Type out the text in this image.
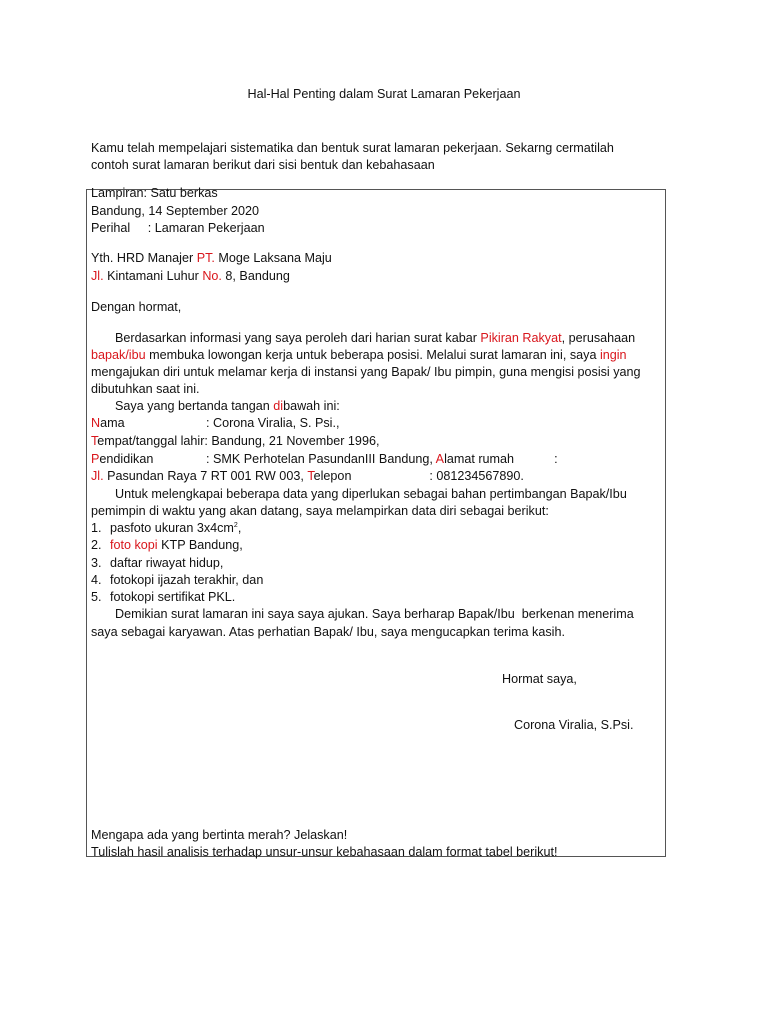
Hal-Hal Penting dalam Surat Lamaran Pekerjaan
Kamu telah mempelajari sistematika dan bentuk surat lamaran pekerjaan. Sekarng cermatilah
contoh surat lamaran berikut dari sisi bentuk dan kebahasaan
Lampiran: Satu berkas
Bandung, 14 September 2020
Perihal     : Lamaran Pekerjaan
Yth. HRD Manajer PT. Moge Laksana Maju
Jl. Kintamani Luhur No. 8, Bandung
Dengan hormat,
Berdasarkan informasi yang saya peroleh dari harian surat kabar Pikiran Rakyat, perusahaan
bapak/ibu membuka lowongan kerja untuk beberapa posisi. Melalui surat lamaran ini, saya ingin
mengajukan diri untuk melamar kerja di instansi yang Bapak/ Ibu pimpin, guna mengisi posisi yang
dibutuhkan saat ini.
Saya yang bertanda tangan dibawah ini:
Nama	: Corona Viralia, S. Psi.,
Tempat/tanggal lahir: Bandung, 21 November 1996,
Pendidikan	: SMK Perhotelan PasundanIII Bandung, Alamat rumah	:
Jl. Pasundan Raya 7 RT 001 RW 003, Telepon	: 081234567890.
Untuk melengkapai beberapa data yang diperlukan sebagai bahan pertimbangan Bapak/Ibu
pemimpin di waktu yang akan datang, saya melampirkan data diri sebagai berikut:
1. pasfoto ukuran $3x4cm^2$,
2. foto kopi KTP Bandung,
3. daftar riwayat hidup,
4. fotokopi ijazah terakhir, dan
5. fotokopi sertifikat PKL.
Demikian surat lamaran ini saya saya ajukan. Saya berharap Bapak/Ibu  berkenan menerima
saya sebagai karyawan. Atas perhatian Bapak/ Ibu, saya mengucapkan terima kasih.
Hormat saya,
Corona Viralia, S.Psi.
Mengapa ada yang bertinta merah? Jelaskan!
Tulislah hasil analisis terhadap unsur-unsur kebahasaan dalam format tabel berikut!
